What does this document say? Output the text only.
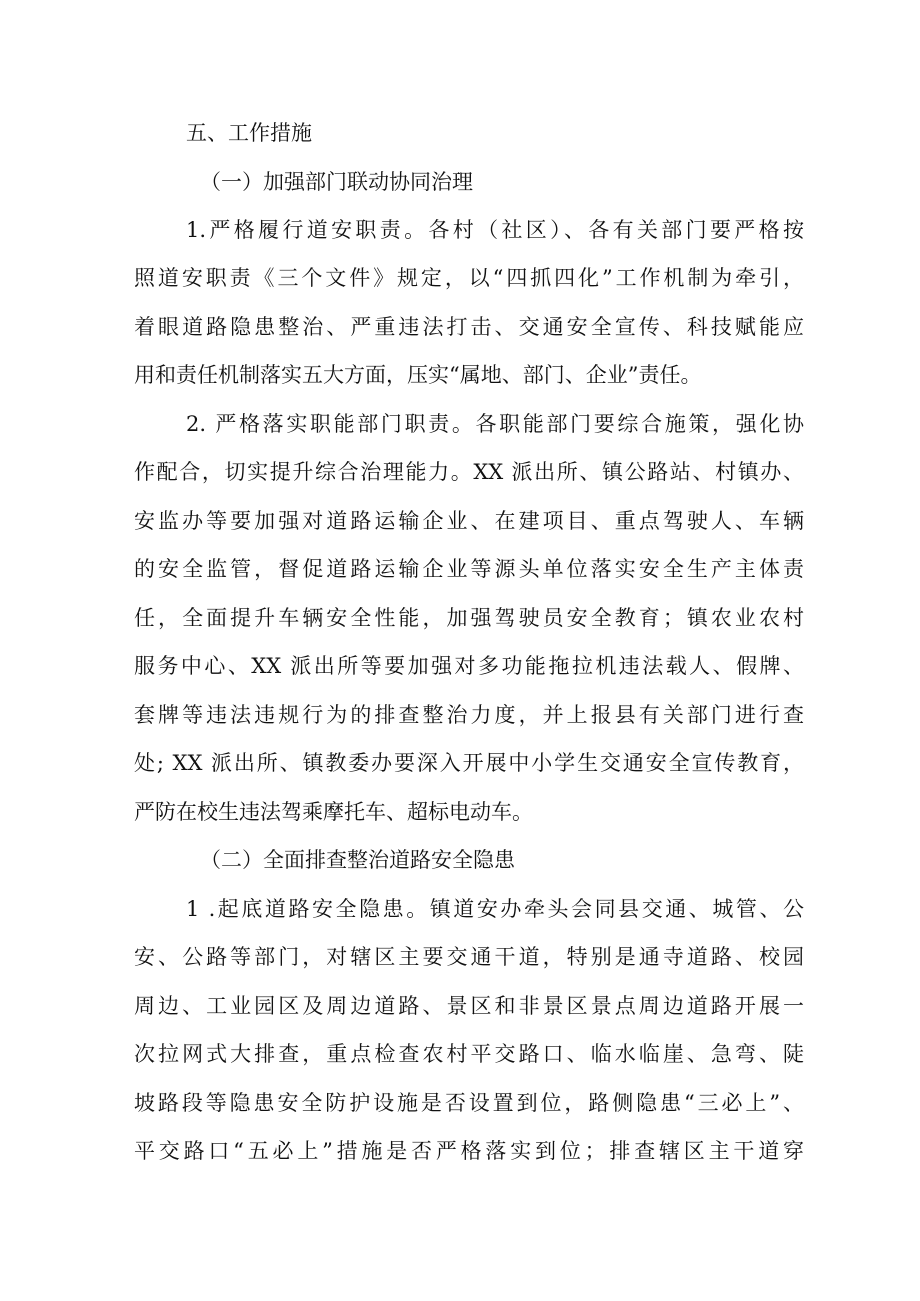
五、工作措施

（一）加强部门联动协同治理

1.严格履行道安职责。各村（社区）、各有关部门要严格按

照道安职责《三个文件》规定，以“四抓四化”工作机制为牵引，

着眼道路隐患整治、严重违法打击、交通安全宣传、科技赋能应

用和责任机制落实五大方面，压实“属地、部门、企业”责任。

2. 严格落实职能部门职责。各职能部门要综合施策，强化协

作配合，切实提升综合治理能力。XX 派出所、镇公路站、村镇办、

安监办等要加强对道路运输企业、在建项目、重点驾驶人、车辆

的安全监管，督促道路运输企业等源头单位落实安全生产主体责

任，全面提升车辆安全性能，加强驾驶员安全教育；镇农业农村

服务中心、XX 派出所等要加强对多功能拖拉机违法载人、假牌、

套牌等违法违规行为的排查整治力度，并上报县有关部门进行查

处; XX 派出所、镇教委办要深入开展中小学生交通安全宣传教育，

严防在校生违法驾乘摩托车、超标电动车。

（二）全面排查整治道路安全隐患

1 .起底道路安全隐患。镇道安办牵头会同县交通、城管、公

安、公路等部门，对辖区主要交通干道，特别是通寺道路、校园

周边、工业园区及周边道路、景区和非景区景点周边道路开展一

次拉网式大排查，重点检查农村平交路口、临水临崖、急弯、陡

坡路段等隐患安全防护设施是否设置到位，路侧隐患“三必上”、

平交路口“五必上”措施是否严格落实到位；排查辖区主干道穿
